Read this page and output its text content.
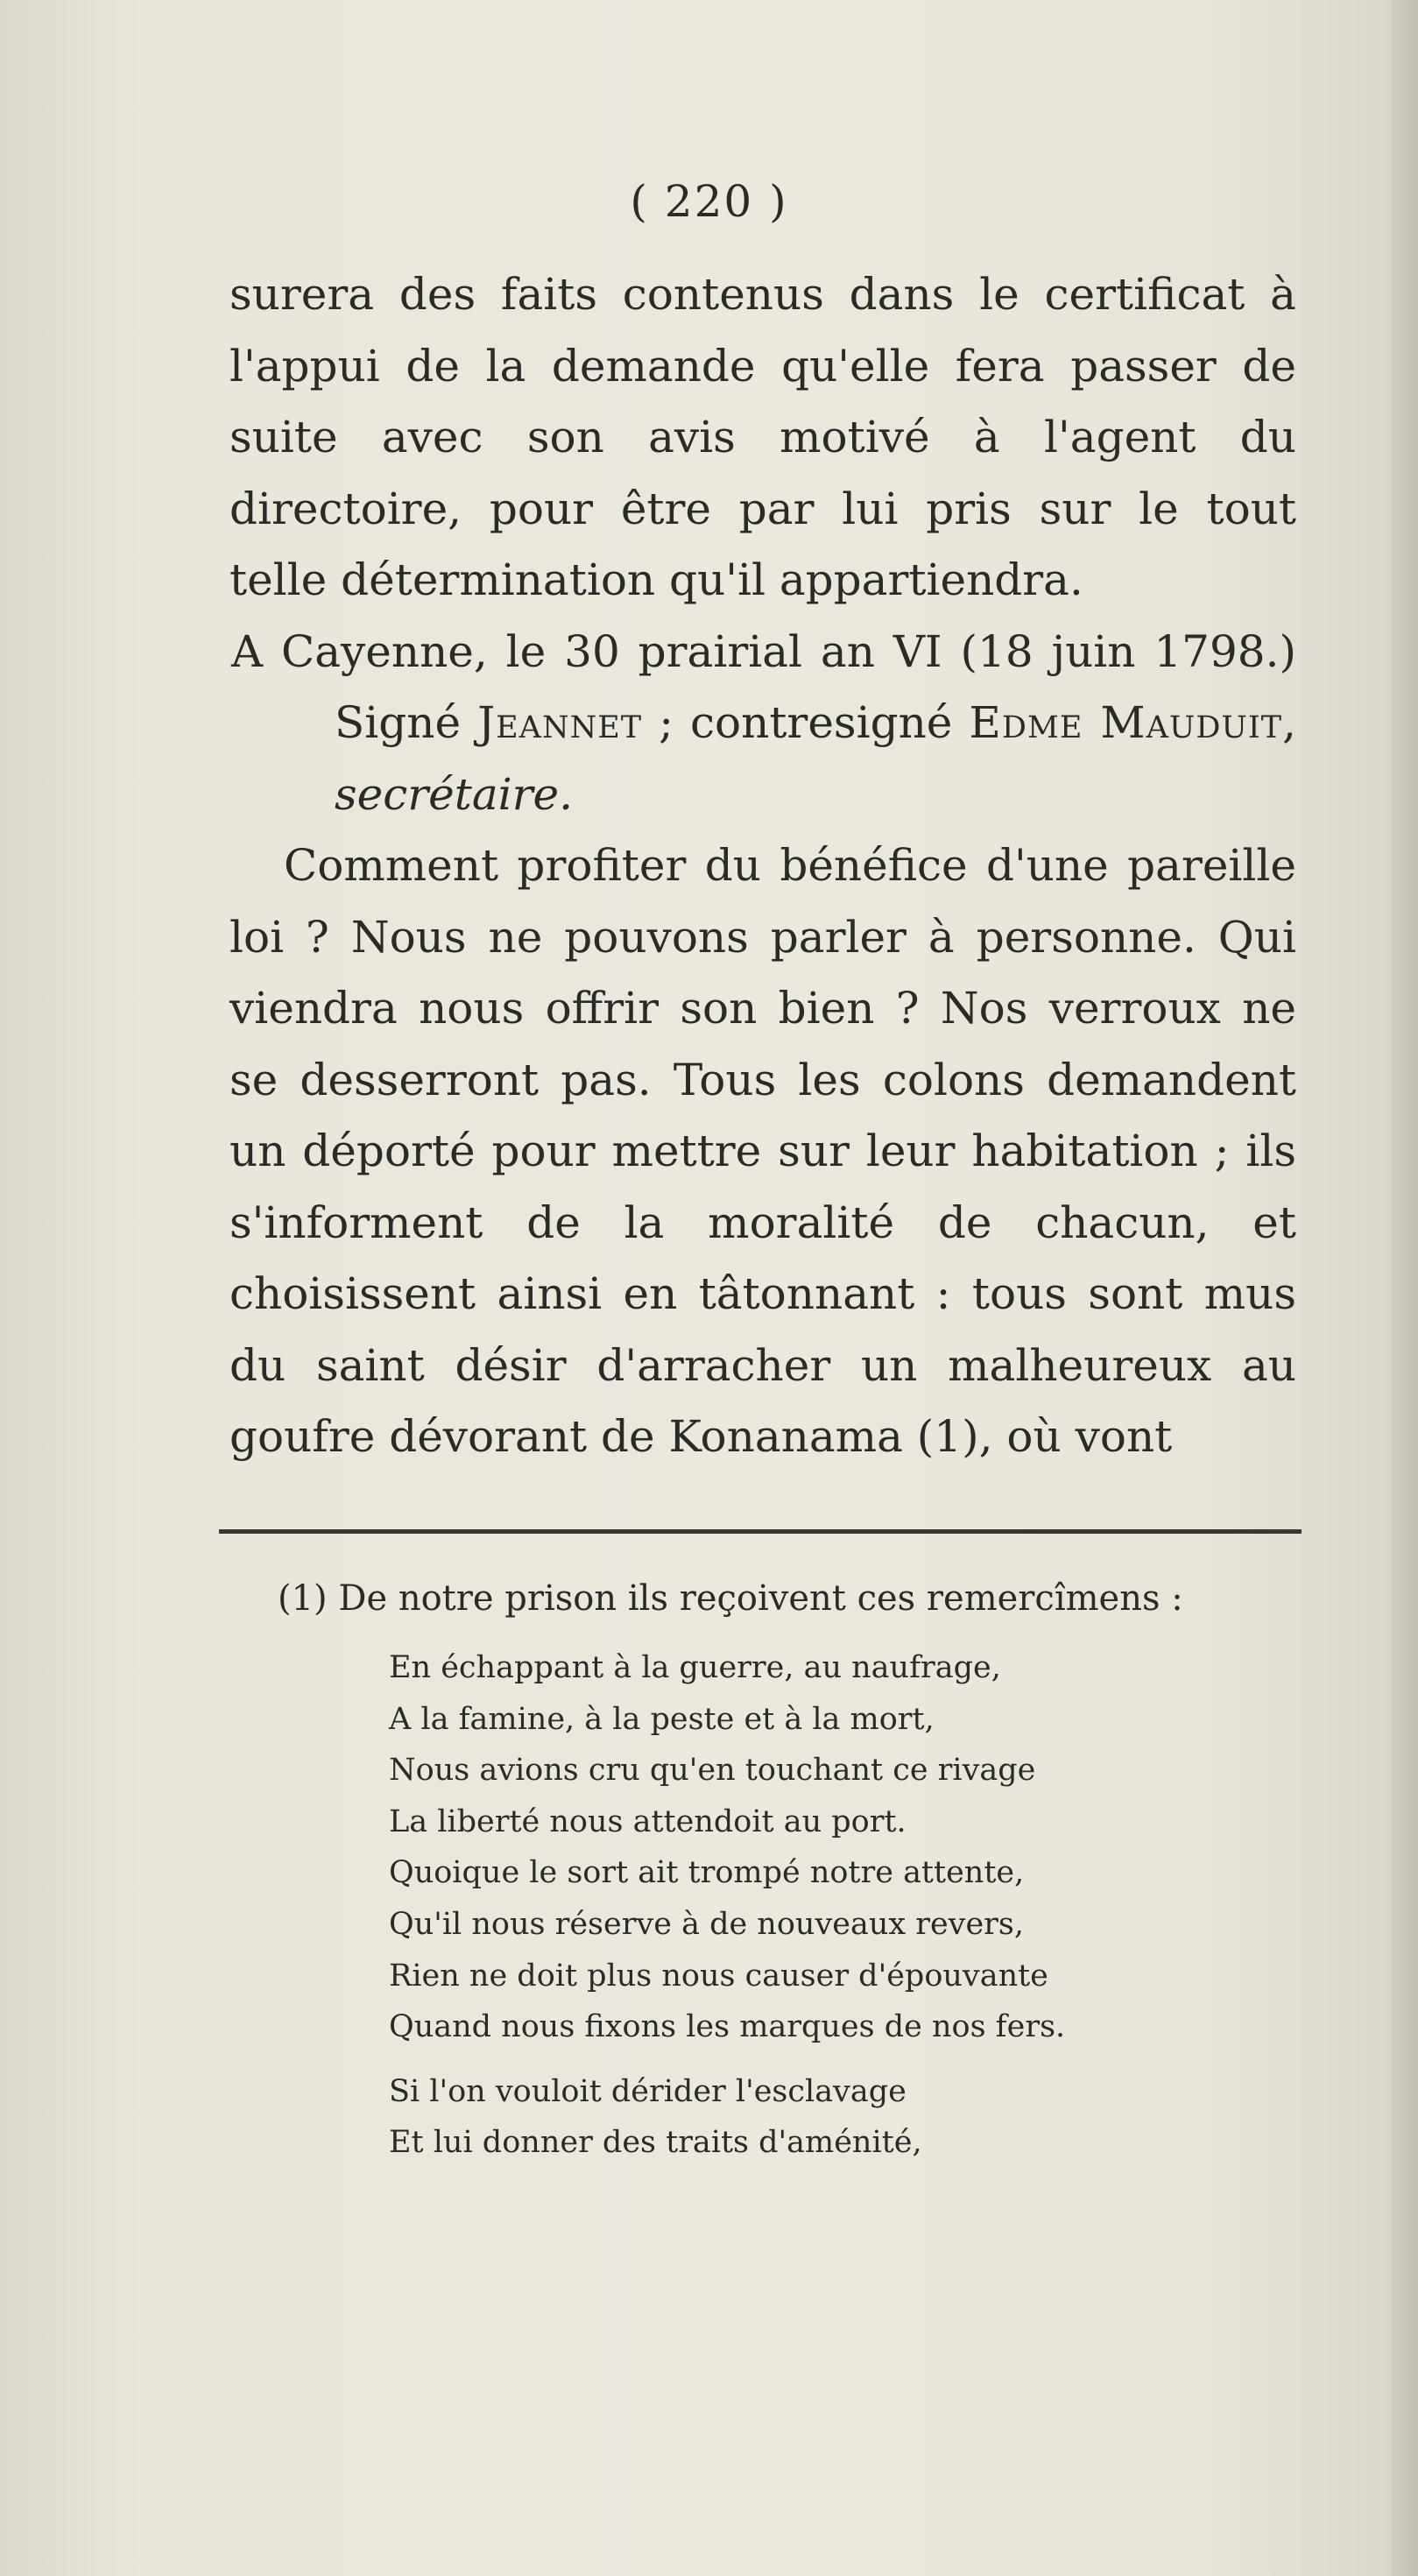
( 220 )

surera des faits contenus dans le certificat à l'appui de la demande qu'elle fera passer de suite avec son avis motivé à l'agent du directoire, pour être par lui pris sur le tout telle détermination qu'il appartiendra.

A Cayenne, le 30 prairial an VI (18 juin 1798.) Signé Jeannet ; contresigné Edme Mauduit, secrétaire.

Comment profiter du bénéfice d'une pareille loi ? Nous ne pouvons parler à personne. Qui viendra nous offrir son bien ? Nos verroux ne se desserront pas. Tous les colons demandent un déporté pour mettre sur leur habitation ; ils s'informent de la moralité de chacun, et choisissent ainsi en tâtonnant : tous sont mus du saint désir d'arracher un malheureux au goufre dévorant de Konanama (1), où vont

(1) De notre prison ils reçoivent ces remercîmens :
En échappant à la guerre, au naufrage,
A la famine, à la peste et à la mort,
Nous avions cru qu'en touchant ce rivage
La liberté nous attendoit au port.
Quoique le sort ait trompé notre attente,
Qu'il nous réserve à de nouveaux revers,
Rien ne doit plus nous causer d'épouvante
Quand nous fixons les marques de nos fers.
Si l'on vouloit dérider l'esclavage
Et lui donner des traits d'aménité,
